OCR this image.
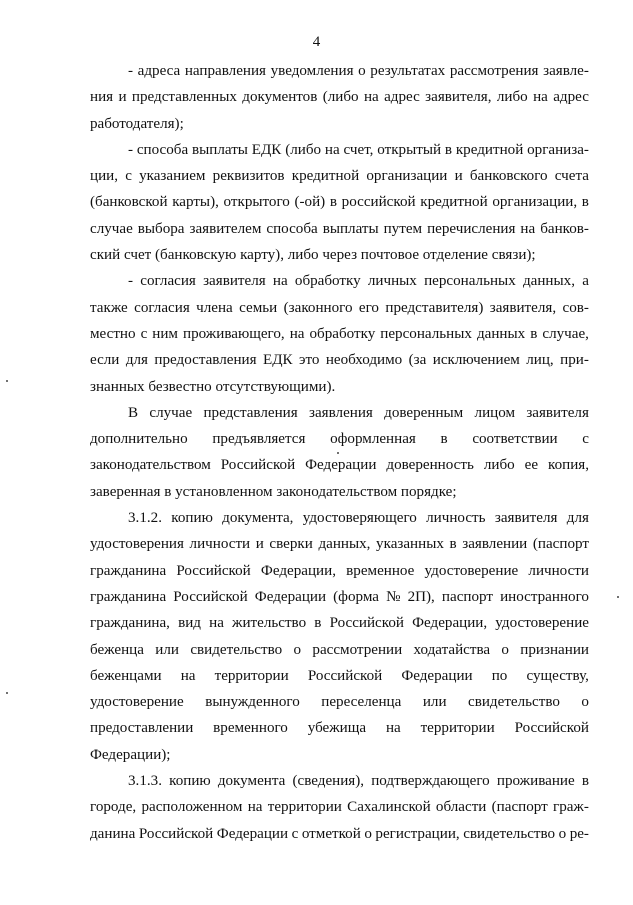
4
- адреса направления уведомления о результатах рассмотрения заявле-
ния и представленных документов (либо на адрес заявителя, либо на адрес
работодателя);
- способа выплаты ЕДК (либо на счет, открытый в кредитной организа-
ции, с указанием реквизитов кредитной организации и банковского счета
(банковской карты), открытого (-ой) в российской кредитной организации, в
случае выбора заявителем способа выплаты путем перечисления на банков-
ский счет (банковскую карту), либо через почтовое отделение связи);
- согласия заявителя на обработку личных персональных данных, а
также согласия члена семьи (законного его представителя) заявителя, сов-
местно с ним проживающего, на обработку персональных данных в случае,
если для предоставления ЕДК это необходимо (за исключением лиц, при-
знанных безвестно отсутствующими).
В случае представления заявления доверенным лицом заявителя
дополнительно предъявляется оформленная в соответствии с
законодательством Российской Федерации доверенность либо ее копия,
заверенная в установленном законодательством порядке;
3.1.2. копию документа, удостоверяющего личность заявителя для
удостоверения личности и сверки данных, указанных в заявлении (паспорт
гражданина Российской Федерации, временное удостоверение личности
гражданина Российской Федерации (форма № 2П), паспорт иностранного
гражданина, вид на жительство в Российской Федерации, удостоверение
беженца или свидетельство о рассмотрении ходатайства о признании
беженцами на территории Российской Федерации по существу,
удостоверение вынужденного переселенца или свидетельство о
предоставлении временного убежища на территории Российской
Федерации);
3.1.3. копию документа (сведения), подтверждающего проживание в
городе, расположенном на территории Сахалинской области (паспорт граж-
данина Российской Федерации с отметкой о регистрации, свидетельство о ре-
